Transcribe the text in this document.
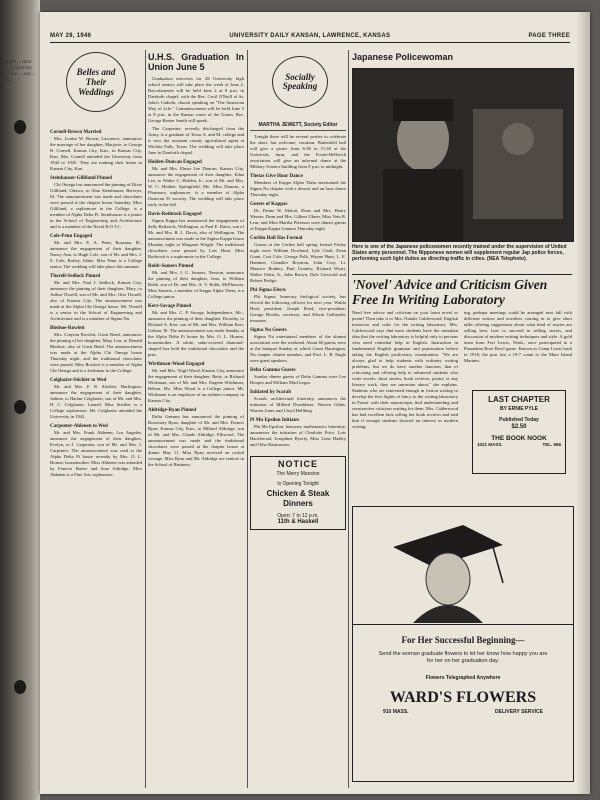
1946 ... their ... University ... the ... and ... in
MAY 29, 1946	UNIVERSITY DAILY KANSAN, LAWRENCE, KANSAS	PAGE THREE
Belles and Their Weddings
Cornell-Brown Married
Mrs. Louise W. Brown, Lawrence, announces the marriage of her daughter, Marjorie, to George B. Cornell, Kansas City, Kan., in Kansas City, Kan. Mrs. Cornell attended the University from 1944 to 1945. They are making their home in Kansas City, Kan.
Steinhauser-Gilliland Pinned
Chi Omega has announced the pinning of Dixie Gilliland, Ottawa, to Alan Steinhauser, Berwyn, Ill. The announcement was made and chocolates were passed at the chapter house Saturday. Miss Gilliland, a sophomore in the College, is a member of Alpha Delta Pi. Steinhauser is a junior in the School of Engineering and Architecture and is a member of the Naval R.O.T.C.
Cole-Penn Engaged
Mr. and Mrs. E. A. Penn, Rosaana, Ill., announce the engagement of their daughter, Nancy Ann, to Hugh Cole, son of Mr. and Mrs. J. S. Cole, Burley, Idaho. Miss Penn is a College senior. The wedding will take place this summer.
Thorell-Sedlock Pinned
Mr. and Mrs. Paul J. Sedlock, Kansas City, announce the pinning of their daughter, Mary, to Arthur Thorell, son of Mr. and Mrs. Otto Thorell, also of Kansas City. The announcement was made at the Alpha Chi Omega house. Mr. Thorell is a senior in the School of Engineering and Architecture and is a member of Sigma Nu.
Bledsoe-Rowlett
Mrs. Crayton Rowlett, Great Bend, announces the pinning of her daughter, Mary Lou, to Donald Bledsoe, also of Great Bend. The announcement was made at the Alpha Chi Omega house Thursday night, and the traditional chocolates were passed. Miss Rowlett is a member of Alpha Chi Omega and is a freshman in the College.
Colglazier-Stickler to Wed
Mr. and Mrs. F. R. Stickler, Burlington, announce the engagement of their daughter, Jodene, to Harlan Colglazier, son of Mr. and Mrs. H. C. Colglazier, Larned. Miss Stickler is a College sophomore. Mr. Colglazier attended the University in 1942.
Carpenter-Ahlenen to Wed
Mr. and Mrs. Frank Ahlenen, Los Angeles, announce the engagement of their daughter, Evelyn, to J. Carpenter, son of Mr. and Mrs. J. Carpenter. The announcement was read at the Alpha Delta Pi house recently by Mrs. O. L. Horner, housemother. Miss Ahlenen was attended by Frances Barter and Jean Aldridge. Miss Ahlenen is a Fine Arts sophomore.
U.H.S. Graduation In Union June 5
Graduation exercises for 28 University high school seniors will take place the week of June 2. Baccalaureate will be held June 2 at 8 p.m. in Danforth chapel, with the Rev. Cecil O'Neill of St. John's Catholic church speaking on "The American Way of Life." Commencement will be held June 5 at 8 p.m. in the Kansas room of the Union. Rev. George Baxter Smith will speak.
The Carpenter, recently discharged from the Army, is a graduate of Texas A. and M. college and is now the assistant county agricultural agent at Wichita Falls, Texas. The wedding will take place June in Danforth chapel.
Holden-Duncan Engaged
Mr. and Mrs. Elmer Lee Duncan, Kansas City, announce the engagement of their daughter, Edna Lee, to Walter C. Holden, Jr., son of Mr. and Mrs. W. C. Holden, Springfield, Mo. Miss Duncan, a Pharmacy sophomore, is a member of Alpha Omicron Pi sorority. The wedding will take place early in the fall.
Davis-Rothrock Engaged
Sigma Kappa has announced the engagement of Sally Rothrock, Wellington, to Paul E. Davis, son of Mr. and Mrs. R. L. Davis, also of Wellington. The announcement was made at the Sigma Kappa house Monday night at Margaret Wright. The traditional chocolates were passed by Lois Hunt. Miss Rothrock is a sophomore in the College.
Robb-Somers Pinned
Mr. and Mrs. J. G. Somers, Newton, announce the pinning of their daughter, Jean, to William Robb, son of Dr. and Mrs. A. V. Robb, McPherson. Miss Somers, a member of Kappa Alpha Theta, is a College junior.
Kerr-Savage Pinned
Mr. and Mrs. C. P. Savage, Independence, Mo., announce the pinning of their daughter, Dorothy, to Richard A. Kerr, son of Mr. and Mrs. William Kerr, Galena, Ill. The announcement was made Sunday at the Alpha Delta Pi house by Mrs. O. L. Horner, housemother. A white, satin-covered diamond-shaped box held the traditional chocolates and the pins.
Wirthman-Wood Engaged
Mr. and Mrs. Virgil Wood, Kansas City, announce the engagement of their daughter, Betty, to Richard Wirthman, son of Mr. and Mrs. Eugene Wirthman, Belton, Mo. Miss Wood is a College junior. Mr. Wirthman is an employee of an airlines company in Kansas City.
Aldridge-Ryan Pinned
Delta Gamma has announced the pinning of Rosemary Ryan, daughter of Mr. and Mrs. Francis Ryan, Kansas City, Kan., to Millard Aldridge, son of Mr. and Mrs. Claude Aldridge, Elkwood. The announcement was made and the traditional chocolates were passed at the chapter house at dinner May 11. Miss Ryan received an orchid corsage. Miss Ryan and Mr. Aldridge are seniors in the School of Business.
Socially Speaking
MARTHA JEWETT, Society Editor
Tonight there will be several parties to celebrate the short, but welcome, vacation. Battenfeld hall will give a picnic from 6:30 to 11:30 at the University farm, and the Foster-Hellerich association will give an informal dance at the Military Science building from 9 p.m. to midnight.
Thetas Give Hour Dance
Members of Kappa Alpha Theta entertained the Sigma Nu chapter with a dessert and an hour dance Thursday night.
Guests of Kappas
Dr. Deane W. Malott, Dean and Mrs. Henry Werner, Dean and Mrs. Gilbert Ulmer, Miss Veta B. Lear, and Miss Martha Peterson were dinner guests of Kappa Kappa Gamma Thursday night.
Corbin Hall Has Formal
Guests at the Corbin hall spring formal Friday night were William Dowland, Lyle Clark, Dean Grant, Curt Cole, George Polk, Wayne Hunt, L. E. Hammer, Chandler Boynton, John Cory, Lt. Maurice Rodney, Paul Grainey, Richard Wyatt, Walter Oden, Jr., John Brown, Dale Griswold and Robert Pedigo.
Phi Sigma Elects
Phi Sigma, honorary biological society, has elected the following officers for next year: Waldo Hoel, president; Joseph Reed, vice-president; George Brooks, secretary; and Edwin Galbreath, treasurer.
Sigma Nu Guests
Sigma Nu entertained members of the alumni association over the weekend. About 60 guests were at the banquet Sunday at which Grant Harrington, Nu chapter charter member, and Prof. L. B. Engle were guest speakers.
Delta Gamma Guests
Sunday dinner guests of Delta Gamma were Lee Hoopes and William MacGregor.
Initiated by Scarab
Scarab, architectural fraternity, announces the initiation of Millard Dornblaser, Warren Gibbs, Warren Jones and Lloyd Hellberg.
Pi Mu Epsilon Initiates
Phi Mu Epsilon, honorary mathematics fraternity, announces the initiation of Charlotte Price, Lois Hackleroad, Josephine Byerly, Miss Lena Hadley and Otho Rasmussen.
NOTICE
The Merry Mansion
Is Opening Tonight
Chicken & Steak
Dinners
Open: 7 to 12 p.m.
11th & Haskell
Japanese Policewoman
Here is one of the Japanese policewomen recently trained under the supervision of United States army personnel. The Nipponese women will supplement regular Jap police forces, performing such light duties as directing traffic in cities. (NEA Telephoto).
'Novel' Advice and Criticism Given Free In Writing Laboratory
Need free advice and criticism on your latest novel or poem? Then take it to Mrs. Natalie Calderwood, English instructor and critic for the writing laboratory. Mrs. Calderwood says that most students have the mistaken idea that the writing laboratory is helpful only to persons who need remedial help in English. Instruction in fundamental English grammar and punctuation before taking the English proficiency examination. "We are always glad to help students with ordinary writing problems, but we do have another function, that of criticizing and offering help to advanced students who write novels, short stories, book reviews, poetry or any literary work, they are uncertain about," she explains. Students who are interested enough in fiction writing to develop the first flights of fancy to the writing laboratory in Fraser with their manuscripts find understanding and constructive criticism waiting for them. Mrs. Calderwood has had excellent luck selling her book reviews and said that if enough students showed an interest in modern writing,
ing, perhaps meetings could be arranged next fall with different writers and novelists coming in to give short talks offering suggestions about what kind of stories are selling best, how to succeed in selling stories, and discussion of modern writing techniques and style. A gold team from Fort Lewis, Wash., once participated in a Passadena Rose Bowl game. Known as Camp Lewis back in 1918, the post lost a 19-7 count to the Mare Island Marines.
LAST CHAPTER
BY ERNIE PYLE
Published Today
$2.50
THE BOOK NOOK
1021 MASS.	TEL. 666
For Her Successful Beginning—
Send the woman graduate flowers to let her know how happy you are for her on her graduation day.
Flowers Telegraphed Anywhere
WARD'S FLOWERS
910 MASS.	DELIVERY SERVICE
